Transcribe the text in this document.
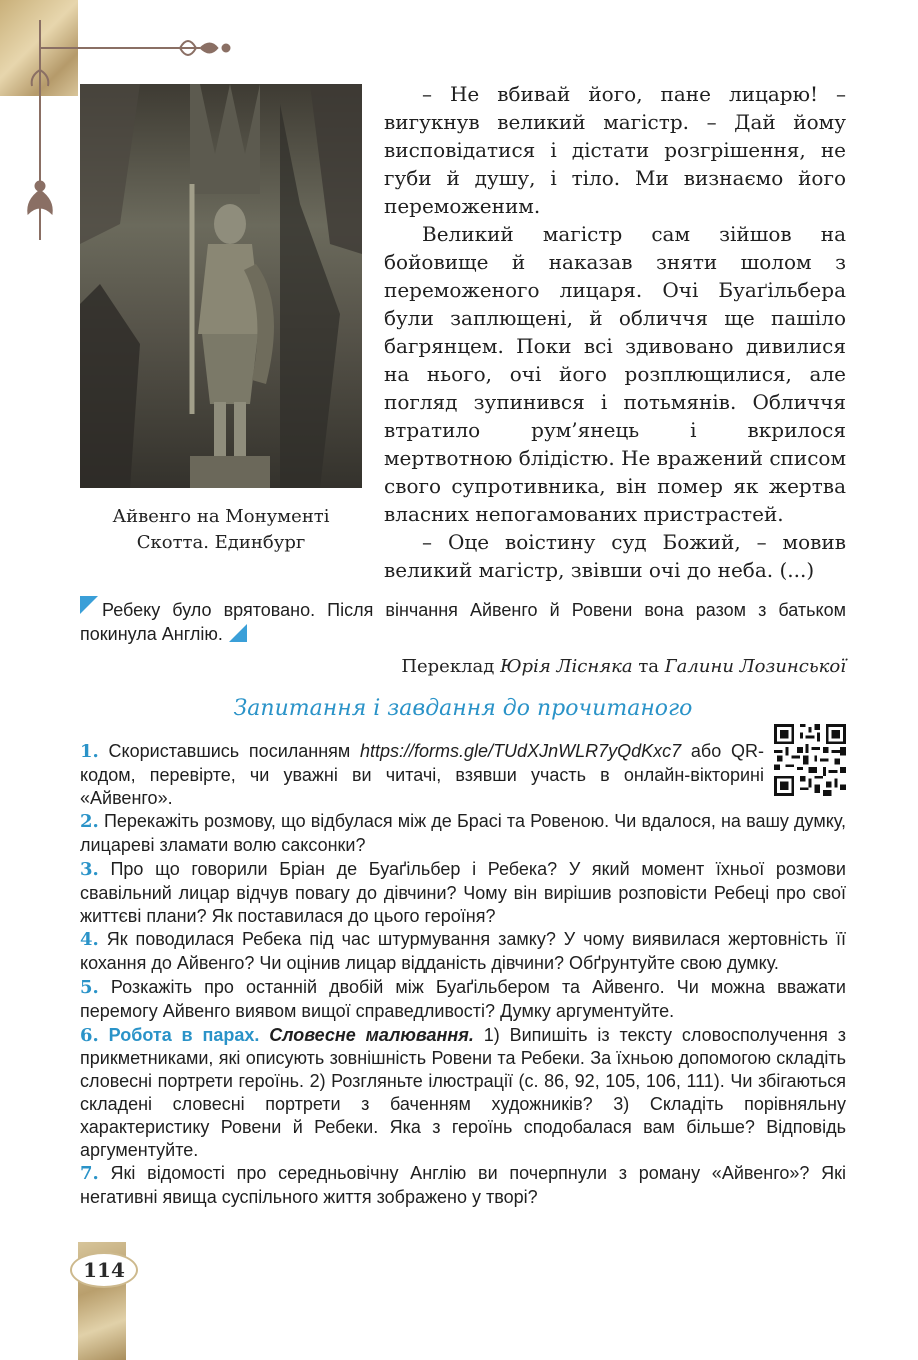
Айвенго на Монументі
Скотта. Единбург

– Не вбивай його, пане лицарю! – вигукнув великий магістр. – Дай йому висповідатися і дістати розгрішення, не губи й душу, і тіло. Ми визнаємо його переможеним.

Великий магістр сам зійшов на бойовище й наказав зняти шолом з переможеного лицаря. Очі Буаґільбера були заплющені, й обличчя ще пашіло багрянцем. Поки всі здивовано дивилися на нього, очі його розплющилися, але погляд зупинився і потьмянів. Обличчя втратило рум’янець і вкрилося мертвотною блідістю. Не вражений списом свого супротивника, він помер як жертва власних непогамованих пристрастей.

– Оце воістину суд Божий, – мовив великий магістр, звівши очі до неба. (...)

Ребеку було врятовано. Після вінчання Айвенго й Ровени вона разом з батьком покинула Англію.
Переклад Юрія Лісняка та Галини Лозинської
Запитання і завдання до прочитаного

1. Скориставшись посиланням https://forms.gle/TUdXJnWLR7yQdKxc7 або QR-кодом, перевірте, чи уважні ви читачі, взявши участь в онлайн-вікторині «Айвенго».

2. Перекажіть розмову, що відбулася між де Брасі та Ровеною. Чи вдалося, на вашу думку, лицареві зламати волю саксонки?

3. Про що говорили Бріан де Буаґільбер і Ребека? У який момент їхньої розмови свавільний лицар відчув повагу до дівчини? Чому він вирішив розповісти Ребеці про свої життєві плани? Як поставилася до цього героїня?

4. Як поводилася Ребека під час штурмування замку? У чому виявилася жертовність її кохання до Айвенго? Чи оцінив лицар відданість дівчини? Обґрунтуйте свою думку.

5. Розкажіть про останній двобій між Буаґільбером та Айвенго. Чи можна вважати перемогу Айвенго виявом вищої справедливості? Думку аргументуйте.

6. Робота в парах. Словесне малювання. 1) Випишіть із тексту словосполучення з прикметниками, які описують зовнішність Ровени та Ребеки. За їхньою допомогою складіть словесні портрети героїнь. 2) Розгляньте ілюстрації (с. 86, 92, 105, 106, 111). Чи збігаються складені словесні портрети з баченням художників? 3) Складіть порівняльну характеристику Ровени й Ребеки. Яка з героїнь сподобалася вам більше? Відповідь аргументуйте.

7. Які відомості про середньовічну Англію ви почерпнули з роману «Айвенго»? Які негативні явища суспільного життя зображено у творі?

114
